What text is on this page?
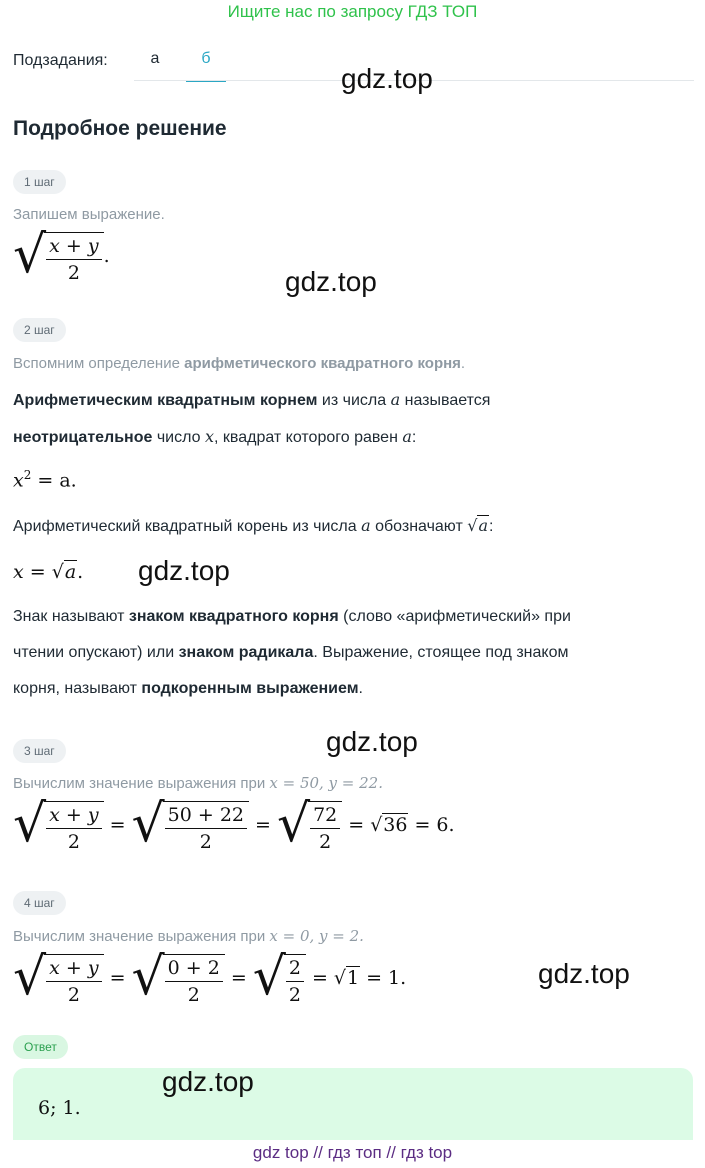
Ищите нас по запросу ГДЗ ТОП
Подзадания:	а	б
gdz.top
Подробное решение
1 шаг
Запишем выражение.
√ $\frac{x + y}{2}$ .
gdz.top
2 шаг
Вспомним определение арифметического квадратного корня.
Арифметическим квадратным корнем из числа a называется
неотрицательное число x, квадрат которого равен a:
$x^2 = a$.
Арифметический квадратный корень из числа a обозначают √a:
x = √a. gdz.top
Знак называют знаком квадратного корня (слово «арифметический» при
чтении опускают) или знаком радикала. Выражение, стоящее под знаком
корня, называют подкоренным выражением.
gdz.top
3 шаг
Вычислим значение выражения при x = 50, y = 22.
√ $\frac{x + y}{2}$ = √ $\frac{50 + 22}{2}$ = √ $\frac{72}{2} = √36 = 6$.
4 шаг
Вычислим значение выражения при x = 0, y = 2.
√ $\frac{x + y}{2}$ = √ $\frac{0 + 2}{2}$ = √ $\frac{2}{2} = √1 = 1$.	gdz.top
Ответ
6; 1.
gdz.top
gdz top // гдз топ // гдз top
